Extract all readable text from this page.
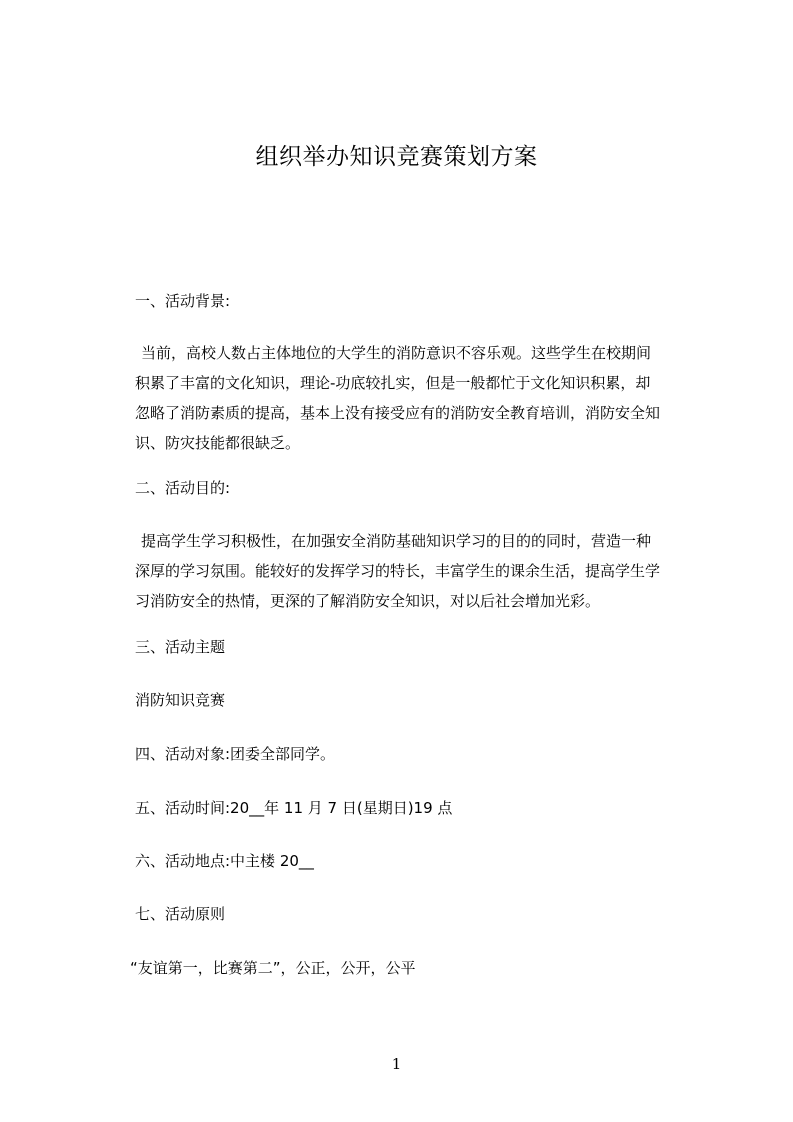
组织举办知识竞赛策划方案
一、活动背景:
当前，高校人数占主体地位的大学生的消防意识不容乐观。这些学生在校期间积累了丰富的文化知识，理论-功底较扎实，但是一般都忙于文化知识积累，却忽略了消防素质的提高，基本上没有接受应有的消防安全教育培训，消防安全知识、防灾技能都很缺乏。
二、活动目的:
提高学生学习积极性，在加强安全消防基础知识学习的目的的同时，营造一种深厚的学习氛围。能较好的发挥学习的特长，丰富学生的课余生活，提高学生学习消防安全的热情，更深的了解消防安全知识，对以后社会增加光彩。
三、活动主题
消防知识竞赛
四、活动对象:团委全部同学。
五、活动时间:20__年 11 月 7 日(星期日)19 点
六、活动地点:中主楼 20__
七、活动原则
“友谊第一，比赛第二”，公正，公开，公平
1
